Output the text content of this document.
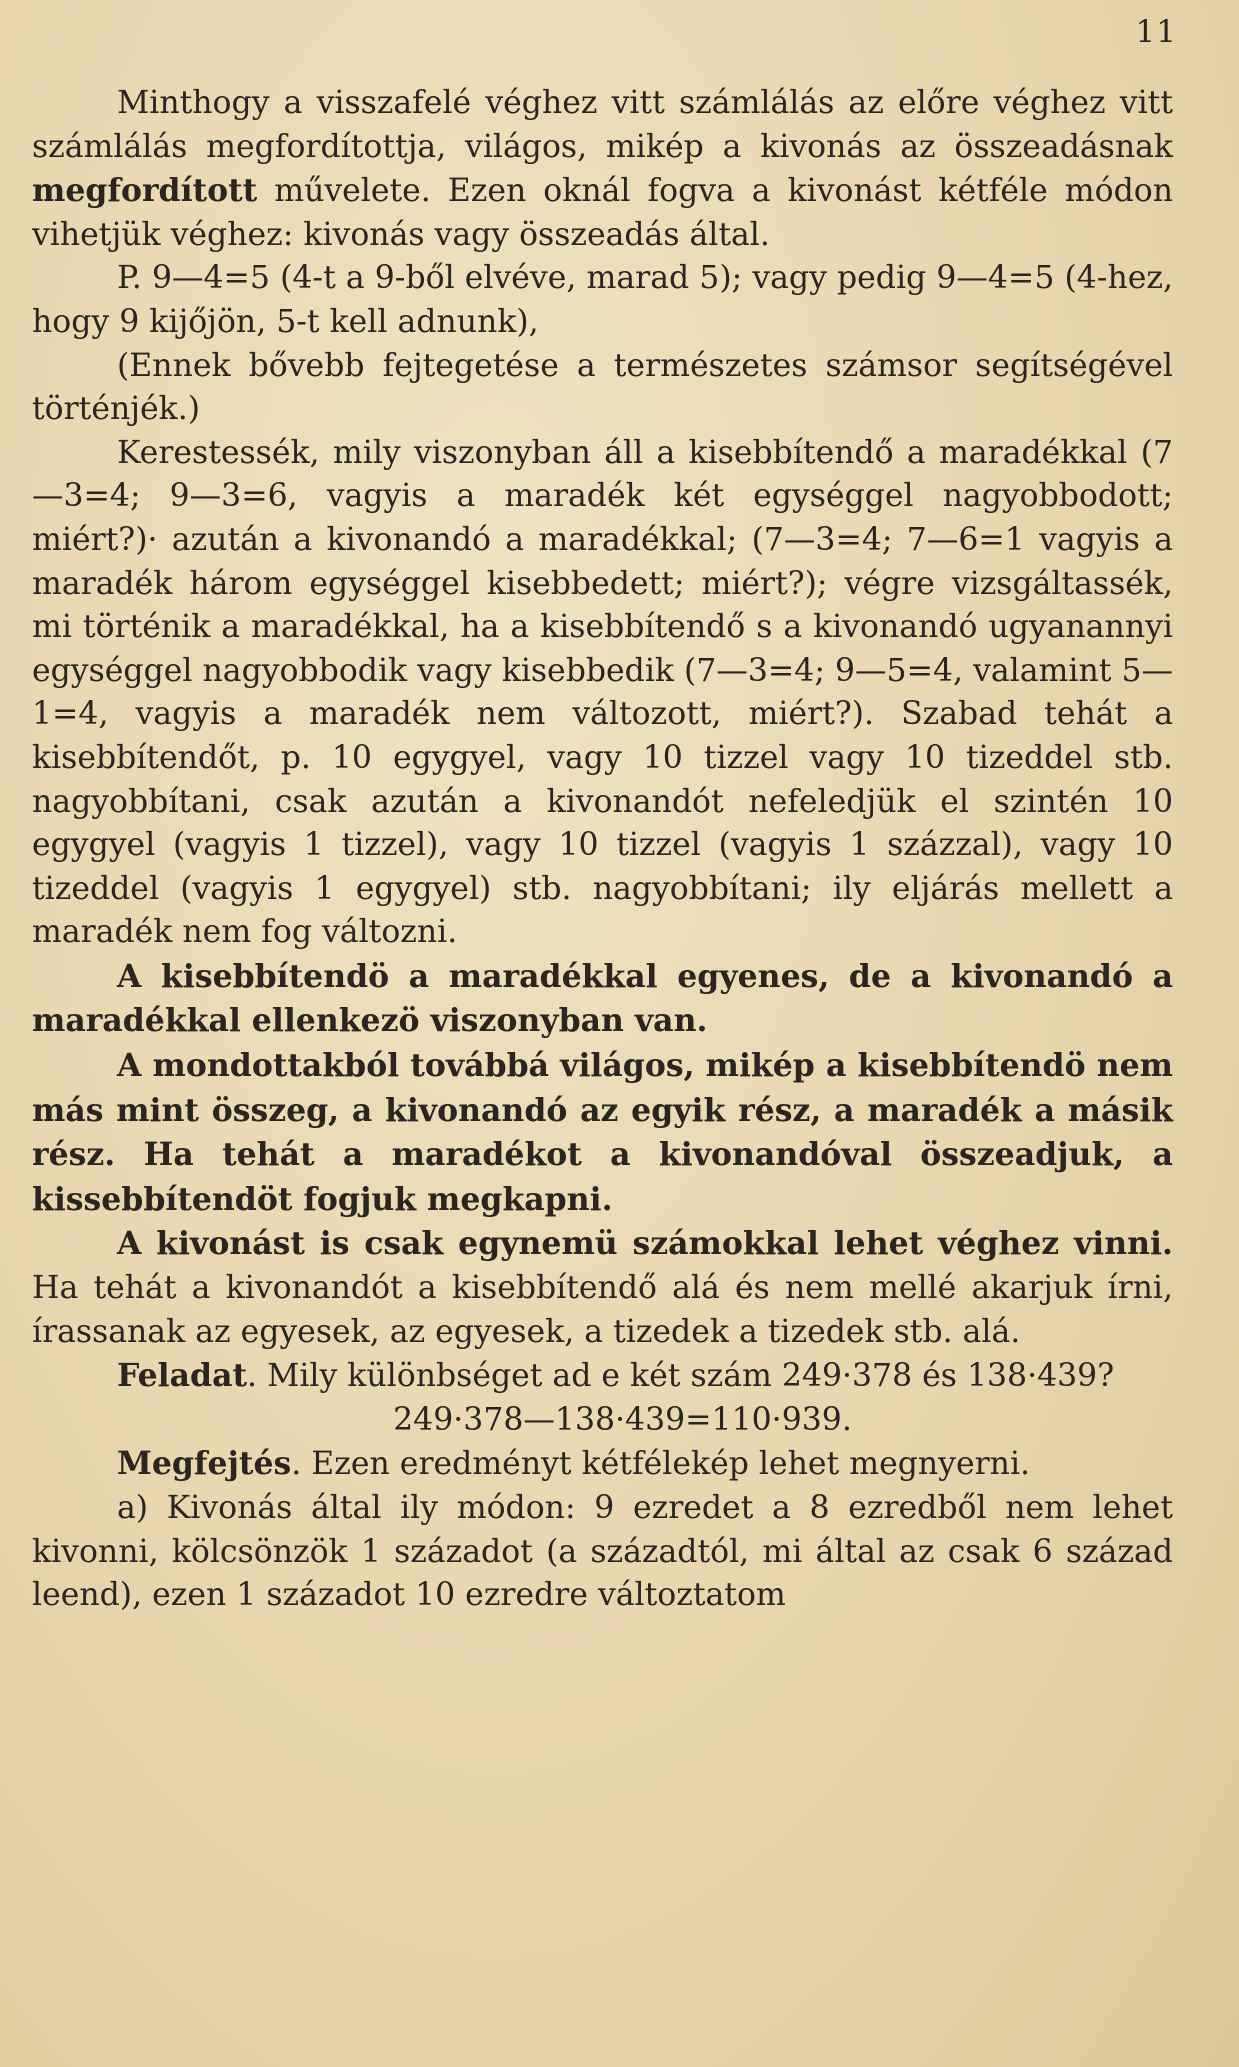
11

Minthogy a visszafelé véghez vitt számlálás az előre véghez vitt számlálás megfordítottja, világos, mikép a kivonás az összeadásnak megfordított művelete. Ezen oknál fogva a kivonást kétféle módon vihetjük véghez: kivonás vagy összeadás által.

P. 9—4=5 (4-t a 9-ből elvéve, marad 5); vagy pedig 9—4=5 (4-hez, hogy 9 kijőjön, 5-t kell adnunk),

(Ennek bővebb fejtegetése a természetes számsor segítségével történjék.)

Kerestessék, mily viszonyban áll a kisebbítendő a maradékkal (7—3=4; 9—3=6, vagyis a maradék két egységgel nagyobbodott; miért?)· azután a kivonandó a maradékkal; (7—3=4; 7—6=1 vagyis a maradék három egységgel kisebbedett; miért?); végre vizsgáltassék, mi történik a maradékkal, ha a kisebbítendő s a kivonandó ugyanannyi egységgel nagyobbodik vagy kisebbedik (7—3=4; 9—5=4, valamint 5—1=4, vagyis a maradék nem változott, miért?). Szabad tehát a kisebbítendőt, p. 10 egygyel, vagy 10 tizzel vagy 10 tizeddel stb. nagyobbítani, csak azután a kivonandót nefeledjük el szintén 10 egygyel (vagyis 1 tizzel), vagy 10 tizzel (vagyis 1 százzal), vagy 10 tizeddel (vagyis 1 egygyel) stb. nagyobbítani; ily eljárás mellett a maradék nem fog változni.

A kisebbítendö a maradékkal egyenes, de a kivonandó a maradékkal ellenkezö viszonyban van.

A mondottakból továbbá világos, mikép a kisebbítendö nem más mint összeg, a kivonandó az egyik rész, a maradék a másik rész. Ha tehát a maradékot a kivonandóval összeadjuk, a kissebbítendöt fogjuk megkapni.

A kivonást is csak egynemü számokkal lehet véghez vinni. Ha tehát a kivonandót a kisebbítendő alá és nem mellé akarjuk írni, írassanak az egyesek, az egyesek, a tizedek a tizedek stb. alá.

Feladat. Mily különbséget ad e két szám 249·378 és 138·439?

249·378—138·439=110·939.

Megfejtés. Ezen eredményt kétfélekép lehet megnyerni.

a) Kivonás által ily módon: 9 ezredet a 8 ezredből nem lehet kivonni, kölcsönzök 1 századot (a századtól, mi által az csak 6 század leend), ezen 1 századot 10 ezredre változtatom
